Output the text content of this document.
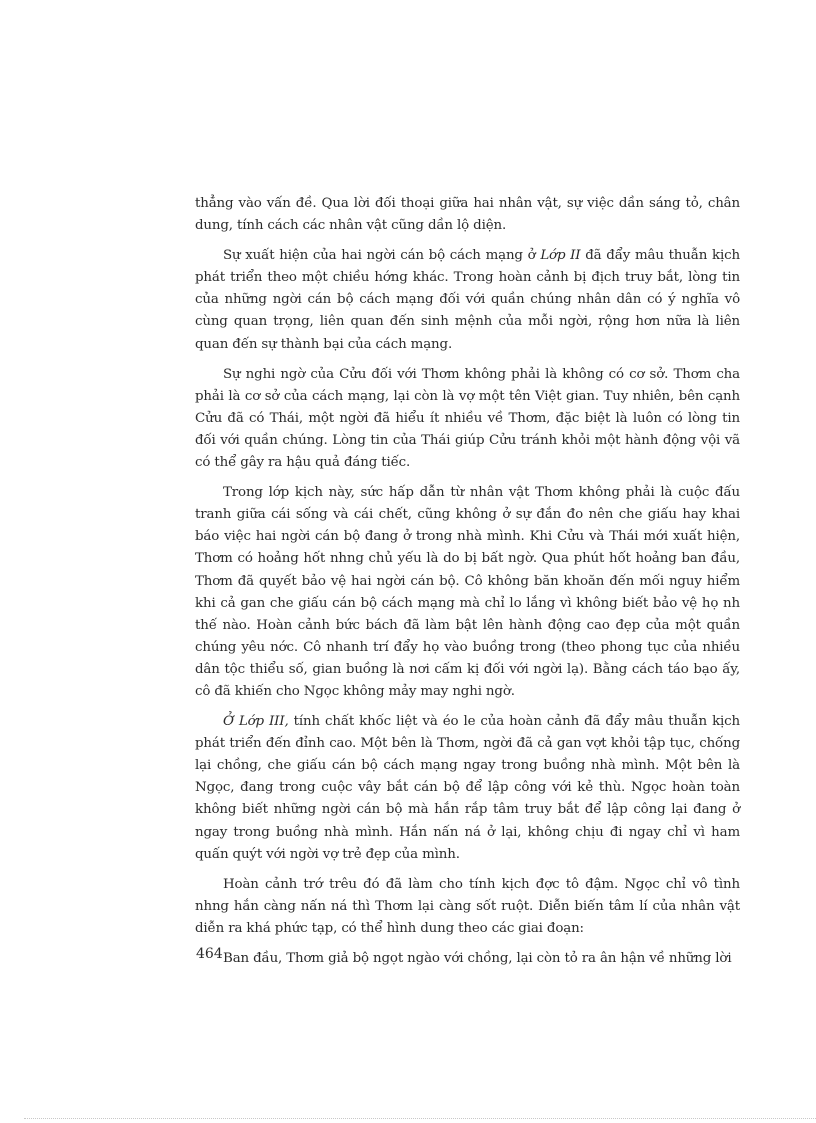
thẳng vào vấn đề. Qua lời đối thoại giữa hai nhân vật, sự việc dần sáng tỏ, chân dung, tính cách các nhân vật cũng dần lộ diện.

Sự xuất hiện của hai ngời cán bộ cách mạng ở Lớp II đã đẩy mâu thuẫn kịch phát triển theo một chiều hớng khác. Trong hoàn cảnh bị địch truy bắt, lòng tin của những ngời cán bộ cách mạng đối với quần chúng nhân dân có ý nghĩa vô cùng quan trọng, liên quan đến sinh mệnh của mỗi ngời, rộng hơn nữa là liên quan đến sự thành bại của cách mạng.

Sự nghi ngờ của Cửu đối với Thơm không phải là không có cơ sở. Thơm cha phải là cơ sở của cách mạng, lại còn là vợ một tên Việt gian. Tuy nhiên, bên cạnh Cửu đã có Thái, một ngời đã hiểu ít nhiều về Thơm, đặc biệt là luôn có lòng tin đối với quần chúng. Lòng tin của Thái giúp Cửu tránh khỏi một hành động vội vã có thể gây ra hậu quả đáng tiếc.

Trong lớp kịch này, sức hấp dẫn từ nhân vật Thơm không phải là cuộc đấu tranh giữa cái sống và cái chết, cũng không ở sự đắn đo nên che giấu hay khai báo việc hai ngời cán bộ đang ở trong nhà mình. Khi Cửu và Thái mới xuất hiện, Thơm có hoảng hốt nhng chủ yếu là do bị bất ngờ. Qua phút hốt hoảng ban đầu, Thơm đã quyết bảo vệ hai ngời cán bộ. Cô không băn khoăn đến mối nguy hiểm khi cả gan che giấu cán bộ cách mạng mà chỉ lo lắng vì không biết bảo vệ họ nh thế nào. Hoàn cảnh bức bách đã làm bật lên hành động cao đẹp của một quần chúng yêu nớc. Cô nhanh trí đẩy họ vào buồng trong (theo phong tục của nhiều dân tộc thiểu số, gian buồng là nơi cấm kị đối với ngời lạ). Bằng cách táo bạo ấy, cô đã khiến cho Ngọc không mảy may nghi ngờ.

Ở Lớp III, tính chất khốc liệt và éo le của hoàn cảnh đã đẩy mâu thuẫn kịch phát triển đến đỉnh cao. Một bên là Thơm, ngời đã cả gan vợt khỏi tập tục, chống lại chồng, che giấu cán bộ cách mạng ngay trong buồng nhà mình. Một bên là Ngọc, đang trong cuộc vây bắt cán bộ để lập công với kẻ thù. Ngọc hoàn toàn không biết những ngời cán bộ mà hắn rắp tâm truy bắt để lập công lại đang ở ngay trong buồng nhà mình. Hắn nấn ná ở lại, không chịu đi ngay chỉ vì ham quấn quýt với ngời vợ trẻ đẹp của mình.

Hoàn cảnh trớ trêu đó đã làm cho tính kịch đợc tô đậm. Ngọc chỉ vô tình nhng hắn càng nấn ná thì Thơm lại càng sốt ruột. Diễn biến tâm lí của nhân vật diễn ra khá phức tạp, có thể hình dung theo các giai đoạn:

Ban đầu, Thơm giả bộ ngọt ngào với chồng, lại còn tỏ ra ân hận về những lời

464
